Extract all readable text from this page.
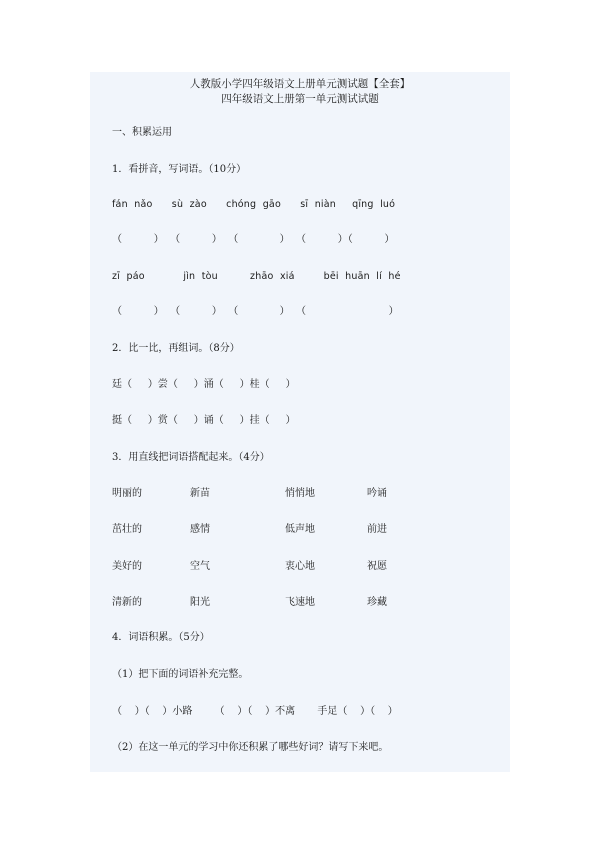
人教版小学四年级语文上册单元测试题【全套】
四年级语文上册第一单元测试试题
一、积累运用
1．看拼音，写词语。（10分）
fán  nǎo      sù  zào      chóng  gāo      sī  niàn     qīng  luó
（          ）  （          ）  （             ）  （          ）（          ）
zī  páo            jìn  tòu          zhāo  xiá         bēi  huān  lí  hé
（          ）  （          ）  （             ）  （                          ）
2．比一比，再组词。（8分）
廷（     ）尝（     ）涌（     ）桂（     ）
挺（     ）赏（     ）诵（     ）挂（     ）
3．用直线把词语搭配起来。（4分）
明丽的	新苗	悄悄地	吟诵
茁壮的	感情	低声地	前进
美好的	空气	衷心地	祝愿
清新的	阳光	飞速地	珍藏
4．词语积累。（5分）
（1）把下面的词语补充完整。
（    ）（    ）小路       （    ）（    ）不离       手足（    ）（    ）
（2）在这一单元的学习中你还积累了哪些好词？请写下来吧。
